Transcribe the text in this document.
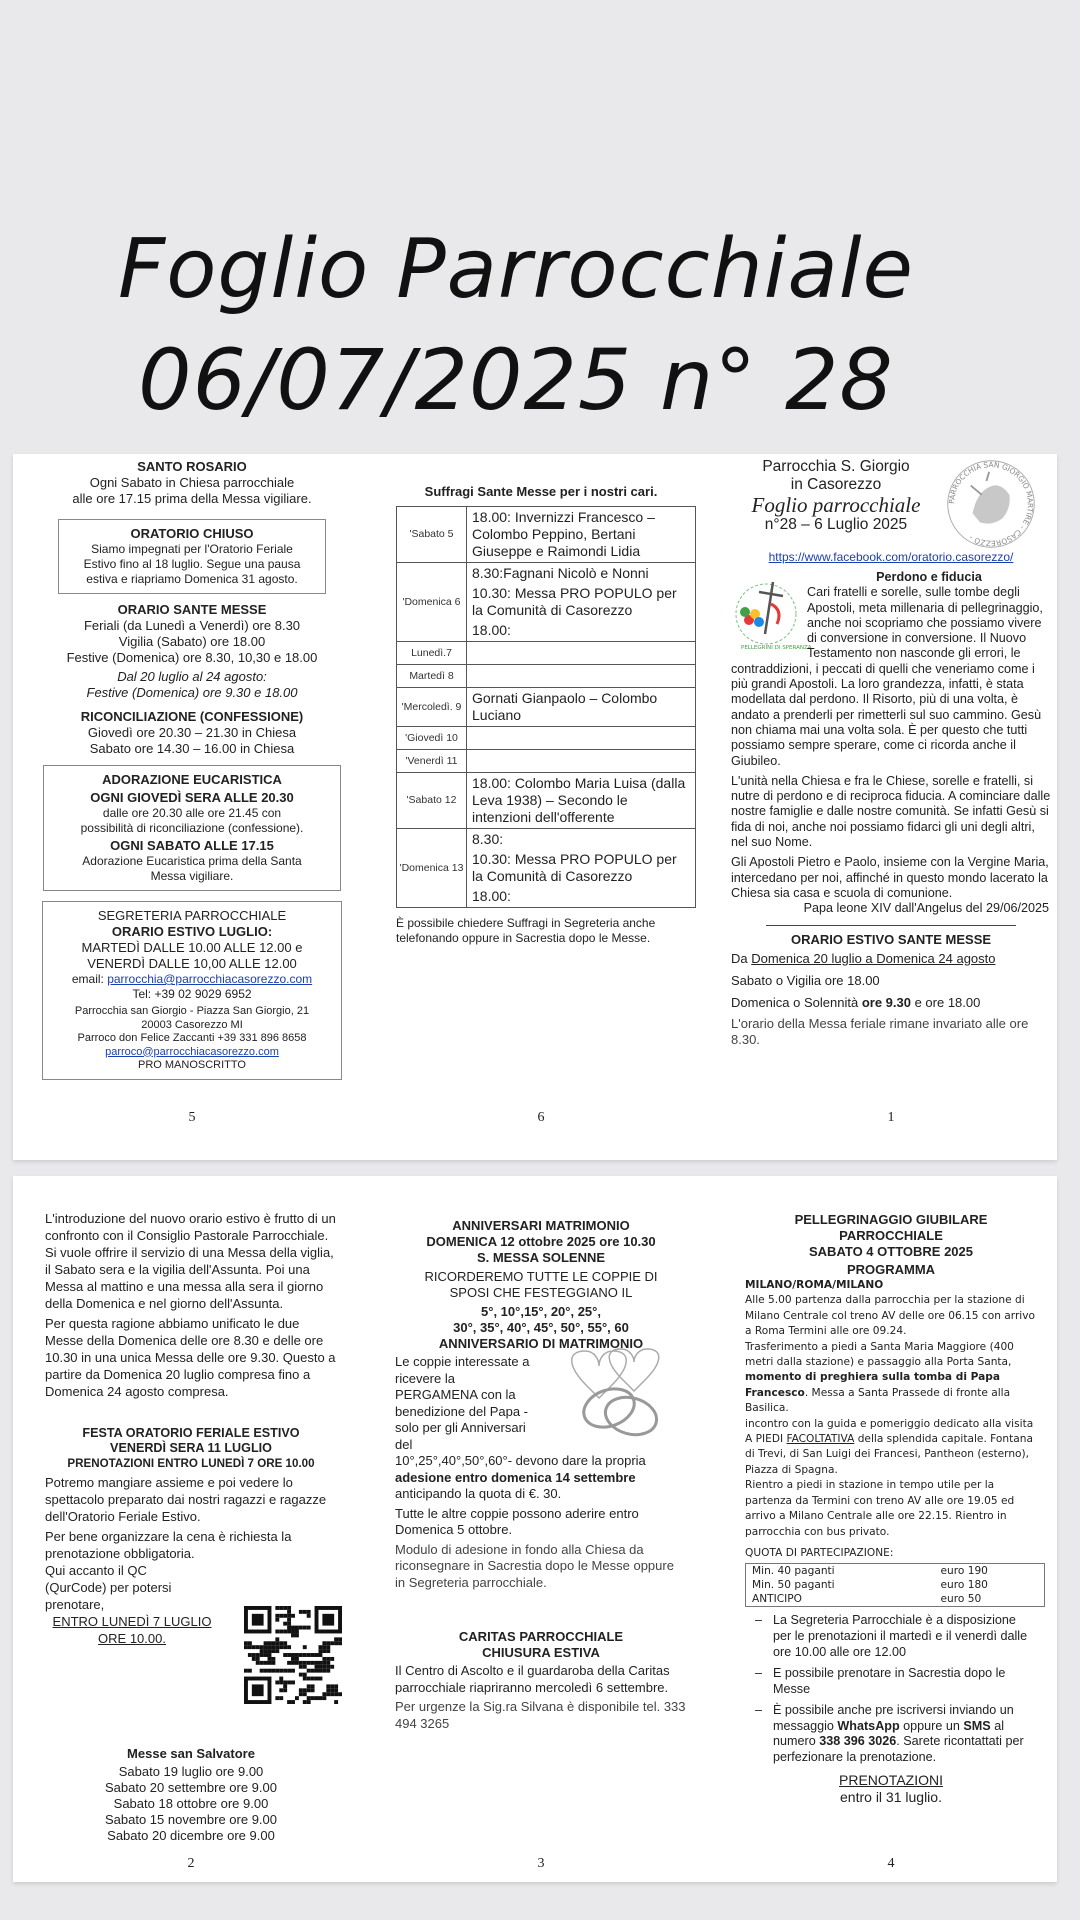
Foglio Parrocchiale
06/07/2025 n° 28
SANTO ROSARIO
Ogni Sabato in Chiesa parrocchiale
alle ore 17.15 prima della Messa vigiliare.
ORATORIO CHIUSO
Siamo impegnati per l'Oratorio Feriale
Estivo fino al 18 luglio. Segue una pausa
estiva e riapriamo Domenica 31 agosto.
ORARIO SANTE MESSE
Feriali (da Lunedì a Venerdì) ore 8.30
Vigilia (Sabato) ore 18.00
Festive (Domenica) ore 8.30, 10,30 e 18.00
Dal 20 luglio al 24 agosto:
Festive (Domenica) ore 9.30 e 18.00
RICONCILIAZIONE (CONFESSIONE)
Giovedì ore 20.30 – 21.30 in Chiesa
Sabato ore 14.30 – 16.00 in Chiesa
ADORAZIONE EUCARISTICA
OGNI GIOVEDÌ SERA ALLE 20.30
dalle ore 20.30 alle ore 21.45 con
possibilità di riconciliazione (confessione).
OGNI SABATO ALLE 17.15
Adorazione Eucaristica prima della Santa
Messa vigiliare.
SEGRETERIA PARROCCHIALE
ORARIO ESTIVO LUGLIO:
MARTEDÌ DALLE 10.00 ALLE 12.00 e
VENERDÌ DALLE 10,00 ALLE 12.00
email: parrocchia@parrocchiacasorezzo.com
Tel: +39 02 9029 6952
Parrocchia san Giorgio - Piazza San Giorgio, 21
20003 Casorezzo MI
Parroco don Felice Zaccanti +39 331 896 8658
parroco@parrocchiacasorezzo.com
PRO MANOSCRITTO
5
Suffragi Sante Messe per i nostri cari.
'Sabato 5	18.00: Invernizzi Francesco – Colombo Peppino, Bertani Giuseppe e Raimondi Lidia

'Domenica 6	8.30:Fagnani Nicolò e Nonni
10.30: Messa PRO POPULO per la Comunità di Casorezzo
18.00:

Lunedì.7	
Martedì 8	
'Mercoledì. 9	Gornati Gianpaolo – Colombo Luciano

'Giovedì 10	
'Venerdì 11	
'Sabato 12	18.00: Colombo Maria Luisa (dalla Leva 1938) – Secondo le intenzioni dell'offerente

'Domenica 13	8.30:
10.30: Messa PRO POPULO per la Comunità di Casorezzo
18.00:
È possibile chiedere Suffragi in Segreteria anche telefonando oppure in Sacrestia dopo le Messe.
6
Parrocchia S. Giorgio
in Casorezzo
Foglio parrocchiale
n°28 – 6 Luglio 2025
PARROCCHIA SAN GIORGIO MARTIRE - CASOREZZO -
https://www.facebook.com/oratorio.casorezzo/
PELLEGRINI DI SPERANZA
Perdono e fiducia

Cari fratelli e sorelle, sulle tombe degli Apostoli, meta millenaria di pellegrinaggio, anche noi scopriamo che possiamo vivere di conversione in conversione. Il Nuovo Testamento non nasconde gli errori, le contraddizioni, i peccati di quelli che veneriamo come i più grandi Apostoli. La loro grandezza, infatti, è stata modellata dal perdono. Il Risorto, più di una volta, è andato a prenderli per rimetterli sul suo cammino. Gesù non chiama mai una volta sola. È per questo che tutti possiamo sempre sperare, come ci ricorda anche il Giubileo.

L'unità nella Chiesa e fra le Chiese, sorelle e fratelli, si nutre di perdono e di reciproca fiducia. A cominciare dalle nostre famiglie e dalle nostre comunità. Se infatti Gesù si fida di noi, anche noi possiamo fidarci gli uni degli altri, nel suo Nome.

Gli Apostoli Pietro e Paolo, insieme con la Vergine Maria, intercedano per noi, affinché in questo mondo lacerato la Chiesa sia casa e scuola di comunione.

Papa leone XIV dall'Angelus del 29/06/2025
ORARIO ESTIVO SANTE MESSE
Da Domenica 20 luglio a Domenica 24 agosto
Sabato o Vigilia ore 18.00
Domenica o Solennità ore 9.30 e ore 18.00
L'orario della Messa feriale rimane invariato alle ore 8.30.
1

L'introduzione del nuovo orario estivo è frutto di un confronto con il Consiglio Pastorale Parrocchiale. Si vuole offrire il servizio di una Messa della viglia, il Sabato sera e la vigilia dell'Assunta. Poi una Messa al mattino e una messa alla sera il giorno della Domenica e nel giorno dell'Assunta.

Per questa ragione abbiamo unificato le due Messe della Domenica delle ore 8.30 e delle ore 10.30 in una unica Messa delle ore 9.30. Questo a partire da Domenica 20 luglio compresa fino a Domenica 24 agosto compresa.

FESTA ORATORIO FERIALE ESTIVO
VENERDÌ SERA 11 LUGLIO
PRENOTAZIONI ENTRO LUNEDÌ 7 ORE 10.00
Potremo mangiare assieme e poi vedere lo spettacolo preparato dai nostri ragazzi e ragazze dell'Oratorio Feriale Estivo.
Per bene organizzare la cena è richiesta la prenotazione obbligatoria.
Qui accanto il QC (QurCode) per potersi prenotare,
ENTRO LUNEDÌ 7 LUGLIO ORE 10.00.
Messe san Salvatore
Sabato 19 luglio ore 9.00
Sabato 20 settembre ore 9.00
Sabato 18 ottobre ore 9.00
Sabato 15 novembre ore 9.00
Sabato 20 dicembre ore 9.00
2
ANNIVERSARI MATRIMONIO
DOMENICA 12 ottobre 2025 ore 10.30
S. MESSA SOLENNE
RICORDEREMO TUTTE LE COPPIE DI
SPOSI CHE FESTEGGIANO IL
5°, 10°,15°, 20°, 25°,
30°, 35°, 40°, 45°, 50°, 55°, 60
ANNIVERSARIO DI MATRIMONIO
Le coppie interessate a
ricevere la
PERGAMENA con la
benedizione del Papa -
solo per gli Anniversari
del
10°,25°,40°,50°,60°- devono dare la propria
adesione entro domenica 14 settembre
anticipando la quota di €. 30.
Tutte le altre coppie possono aderire entro Domenica 5 ottobre.
Modulo di adesione in fondo alla Chiesa da riconsegnare in Sacrestia dopo le Messe oppure in Segreteria parrocchiale.
CARITAS PARROCCHIALE
CHIUSURA ESTIVA
Il Centro di Ascolto e il guardaroba della Caritas parrocchiale riapriranno mercoledì 6 settembre.
Per urgenze la Sig.ra Silvana è disponibile tel. 333 494 3265
3
PELLEGRINAGGIO GIUBILARE
PARROCCHIALE
SABATO 4 OTTOBRE 2025
PROGRAMMA
MILANO/ROMA/MILANO
Alle 5.00 partenza dalla parrocchia per la stazione di Milano Centrale col treno AV delle ore 06.15 con arrivo a Roma Termini alle ore 09.24.
Trasferimento a piedi a Santa Maria Maggiore (400 metri dalla stazione) e passaggio alla Porta Santa, momento di preghiera sulla tomba di Papa Francesco. Messa a Santa Prassede di fronte alla Basilica.
incontro con la guida e pomeriggio dedicato alla visita A PIEDI FACOLTATIVA della splendida capitale. Fontana di Trevi, di San Luigi dei Francesi, Pantheon (esterno), Piazza di Spagna.
Rientro a piedi in stazione in tempo utile per la partenza da Termini con treno AV alle ore 19.05 ed arrivo a Milano Centrale alle ore 22.15. Rientro in parrocchia con bus privato.
QUOTA DI PARTECIPAZIONE:
Min. 40 paganti	euro 190
Min. 50 paganti	euro 180
ANTICIPO	euro 50
– La Segreteria Parrocchiale è a disposizione per le prenotazioni il martedì e il venerdì dalle ore 10.00 alle ore 12.00
– E possibile prenotare in Sacrestia dopo le Messe
– È possibile anche pre iscriversi inviando un messaggio WhatsApp oppure un SMS al numero 338 396 3026. Sarete ricontattati per perfezionare la prenotazione.
PRENOTAZIONI
entro il 31 luglio.
4
